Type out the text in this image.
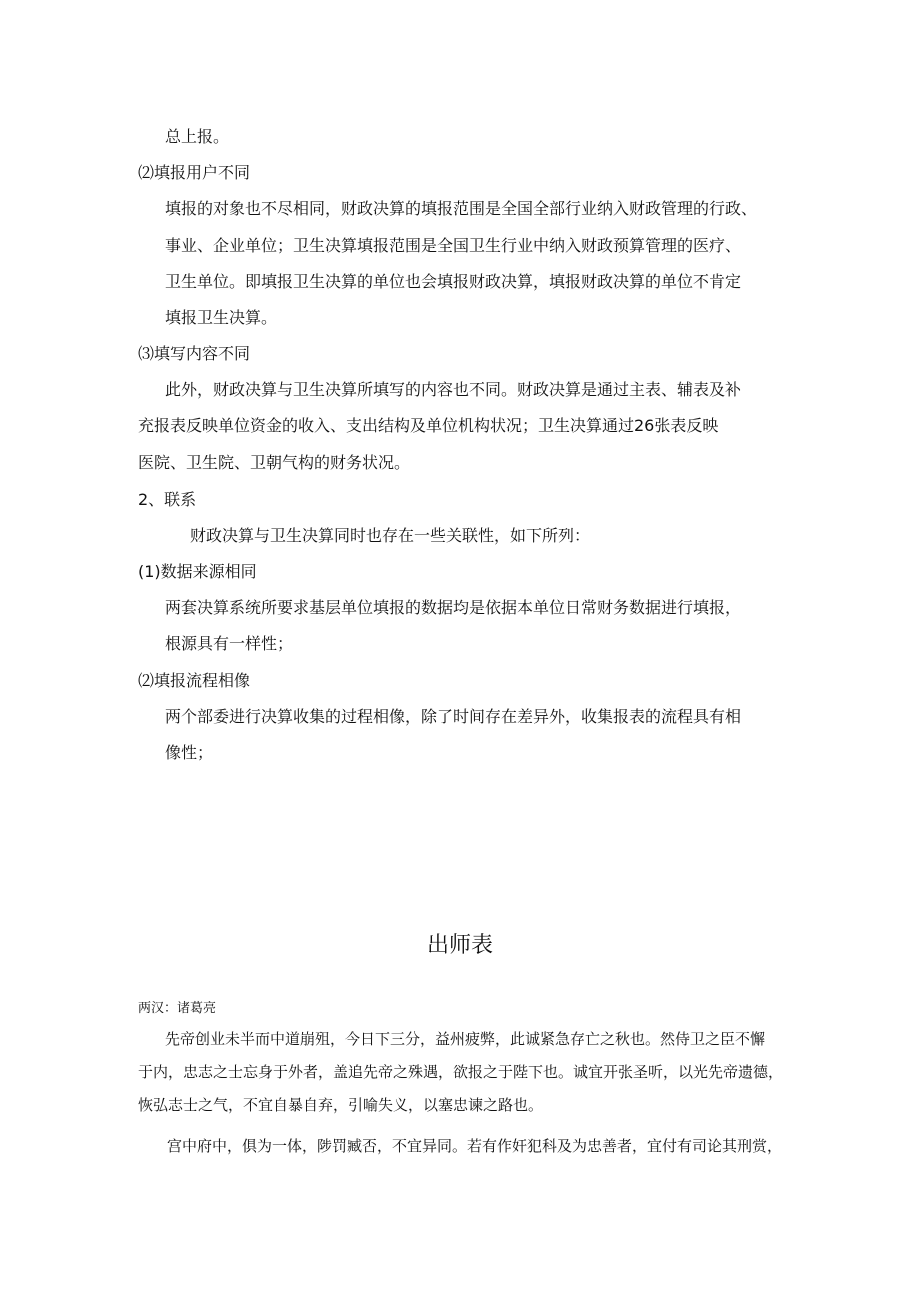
总上报。
⑵填报用户不同
填报的对象也不尽相同，财政决算的填报范围是全国全部行业纳入财政管理的行政、
事业、企业单位；卫生决算填报范围是全国卫生行业中纳入财政预算管理的医疗、
卫生单位。即填报卫生决算的单位也会填报财政决算，填报财政决算的单位不肯定
填报卫生决算。
⑶填写内容不同
此外，财政决算与卫生决算所填写的内容也不同。财政决算是通过主表、辅表及补
充报表反映单位资金的收入、支出结构及单位机构状况；卫生决算通过26张表反映
医院、卫生院、卫朝气构的财务状况。
2、联系
财政决算与卫生决算同时也存在一些关联性，如下所列：
(1)数据来源相同
两套决算系统所要求基层单位填报的数据均是依据本单位日常财务数据进行填报，
根源具有一样性；
⑵填报流程相像
两个部委进行决算收集的过程相像，除了时间存在差异外，收集报表的流程具有相
像性；
出师表
两汉：诸葛亮
先帝创业未半而中道崩殂，今日下三分，益州疲弊，此诚紧急存亡之秋也。然侍卫之臣不懈
于内，忠志之士忘身于外者，盖追先帝之殊遇，欲报之于陛下也。诚宜开张圣听，以光先帝遗德，
恢弘志士之气，不宜自暴自弃，引喻失义，以塞忠谏之路也。
宫中府中，俱为一体，陟罚臧否，不宜异同。若有作奸犯科及为忠善者，宜付有司论其刑赏，
